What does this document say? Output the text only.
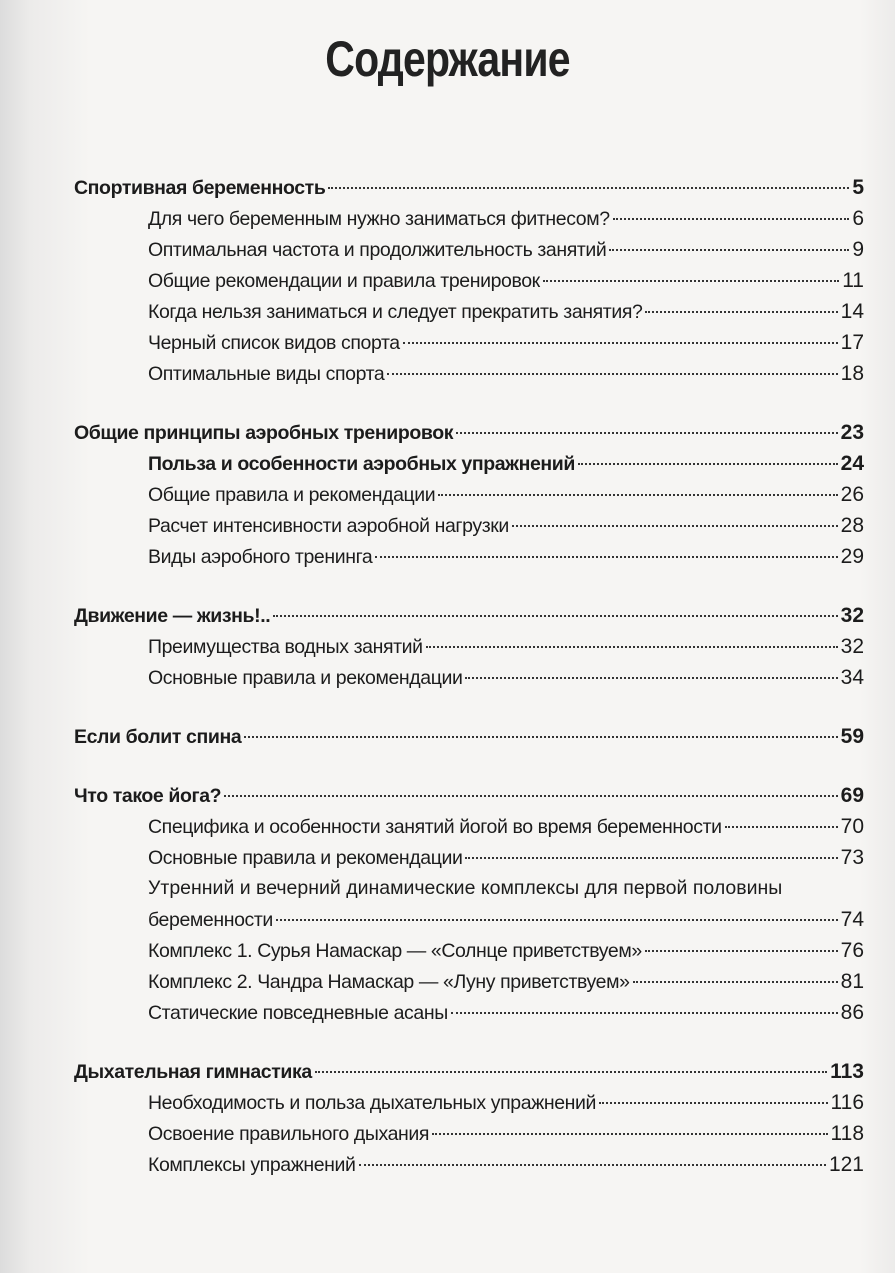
Содержание
Спортивная беременность	5
Для чего беременным нужно заниматься фитнесом?	6
Оптимальная частота и продолжительность занятий	9
Общие рекомендации и правила тренировок	11
Когда нельзя заниматься и следует прекратить занятия?	14
Черный список видов спорта	17
Оптимальные виды спорта	18
Общие принципы аэробных тренировок	23
Польза и особенности аэробных упражнений	24
Общие правила и рекомендации	26
Расчет интенсивности аэробной нагрузки	28
Виды аэробного тренинга	29
Движение — жизнь!..	32
Преимущества водных занятий	32
Основные правила и рекомендации	34
Если болит спина	59
Что такое йога?	69
Специфика и особенности занятий йогой во время беременности	70
Основные правила и рекомендации	73
Утренний и вечерний динамические комплексы для первой половины
беременности	74
Комплекс 1. Сурья Намаскар — «Солнце приветствуем»	76
Комплекс 2. Чандра Намаскар — «Луну приветствуем»	81
Статические повседневные асаны	86
Дыхательная гимнастика	113
Необходимость и польза дыхательных упражнений	116
Освоение правильного дыхания	118
Комплексы упражнений	121
